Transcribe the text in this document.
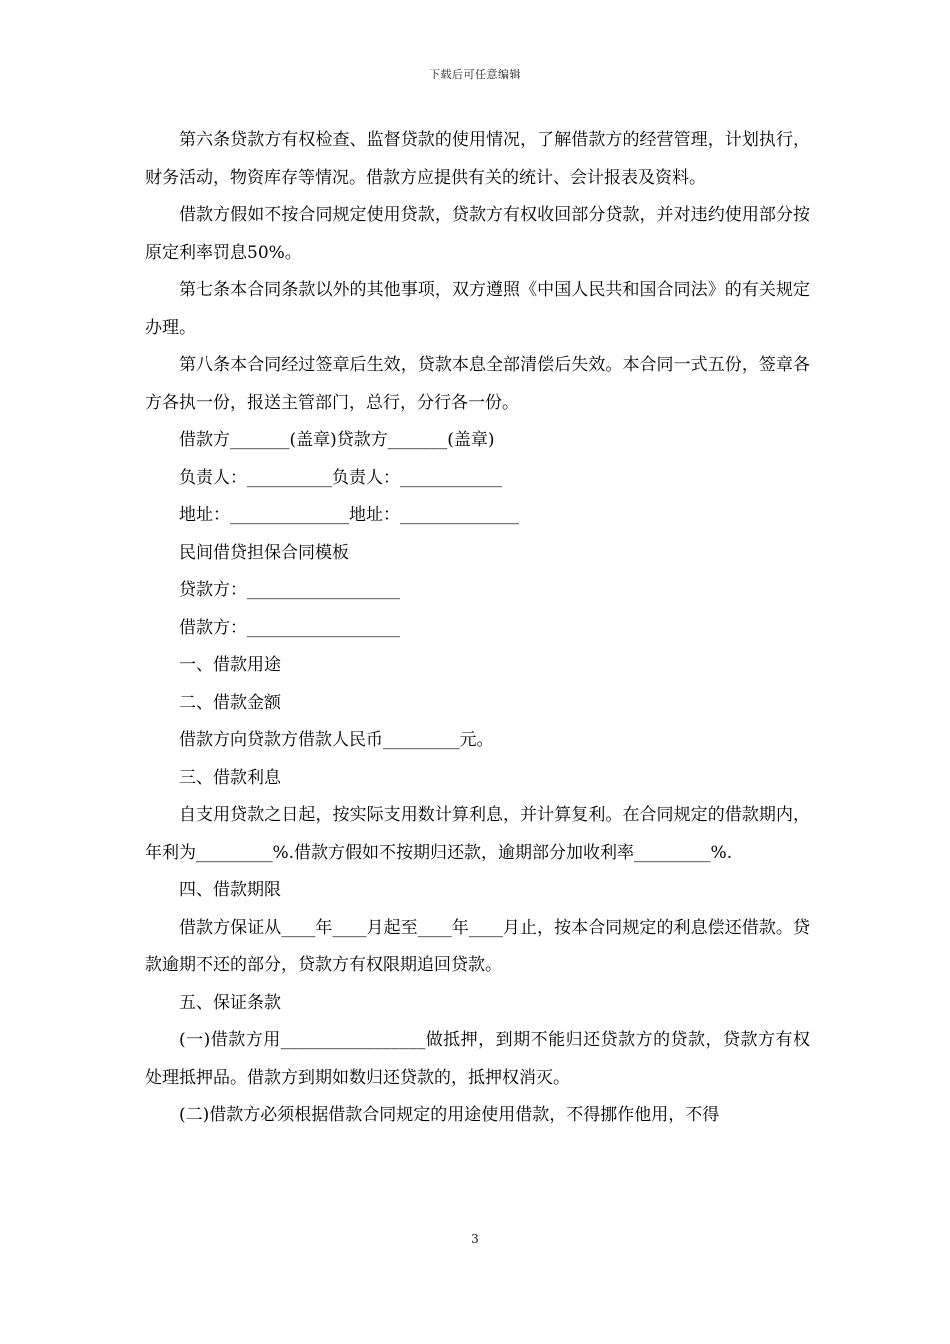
下载后可任意编辑

第六条贷款方有权检查、监督贷款的使用情况，了解借款方的经营管理，计划执行，财务活动，物资库存等情况。借款方应提供有关的统计、会计报表及资料。

借款方假如不按合同规定使用贷款，贷款方有权收回部分贷款，并对违约使用部分按原定利率罚息50%。

第七条本合同条款以外的其他事项，双方遵照《中国人民共和国合同法》的有关规定办理。

第八条本合同经过签章后生效，贷款本息全部清偿后失效。本合同一式五份，签章各方各执一份，报送主管部门，总行，分行各一份。

借款方_______(盖章)贷款方_______(盖章)

负责人：__________负责人：____________

地址：______________地址：______________

民间借贷担保合同模板

贷款方：__________________

借款方：__________________

一、借款用途

二、借款金额

借款方向贷款方借款人民币_________元。

三、借款利息

自支用贷款之日起，按实际支用数计算利息，并计算复利。在合同规定的借款期内，年利为_________%.借款方假如不按期归还款，逾期部分加收利率_________%.

四、借款期限

借款方保证从____年____月起至____年____月止，按本合同规定的利息偿还借款。贷款逾期不还的部分，贷款方有权限期追回贷款。

五、保证条款

(一)借款方用_________________做抵押，到期不能归还贷款方的贷款，贷款方有权处理抵押品。借款方到期如数归还贷款的，抵押权消灭。

(二)借款方必须根据借款合同规定的用途使用借款，不得挪作他用，不得

3
